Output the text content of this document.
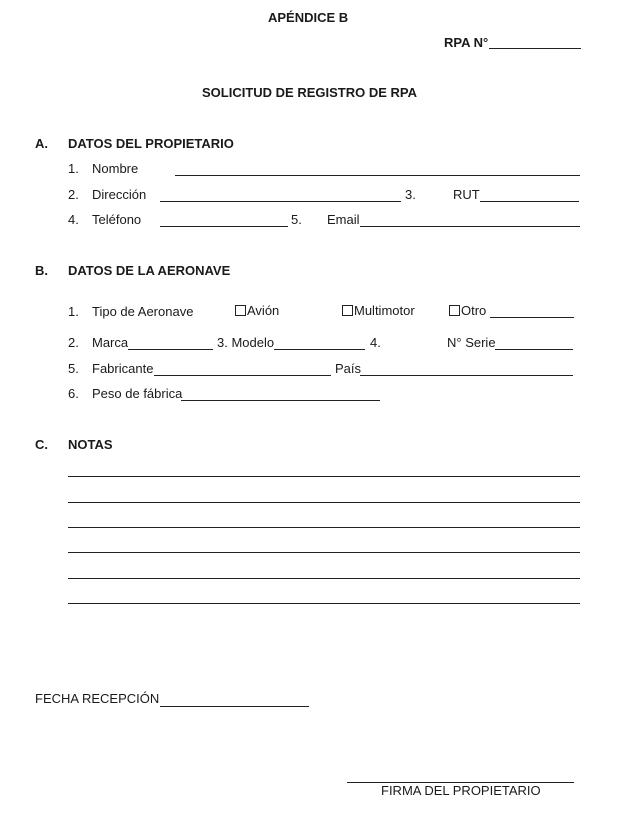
APÉNDICE B
RPA N°
SOLICITUD DE REGISTRO DE RPA
A. DATOS DEL PROPIETARIO
1. Nombre
2. Dirección	3.	RUT
4. Teléfono	5. Email
B. DATOS DE LA AERONAVE
1. Tipo de Aeronave	Avión	Multimotor	Otro
2. Marca	3. Modelo	4.	N° Serie
5. Fabricante	País
6. Peso de fábrica
C. NOTAS
FECHA RECEPCIÓN
FIRMA DEL PROPIETARIO
